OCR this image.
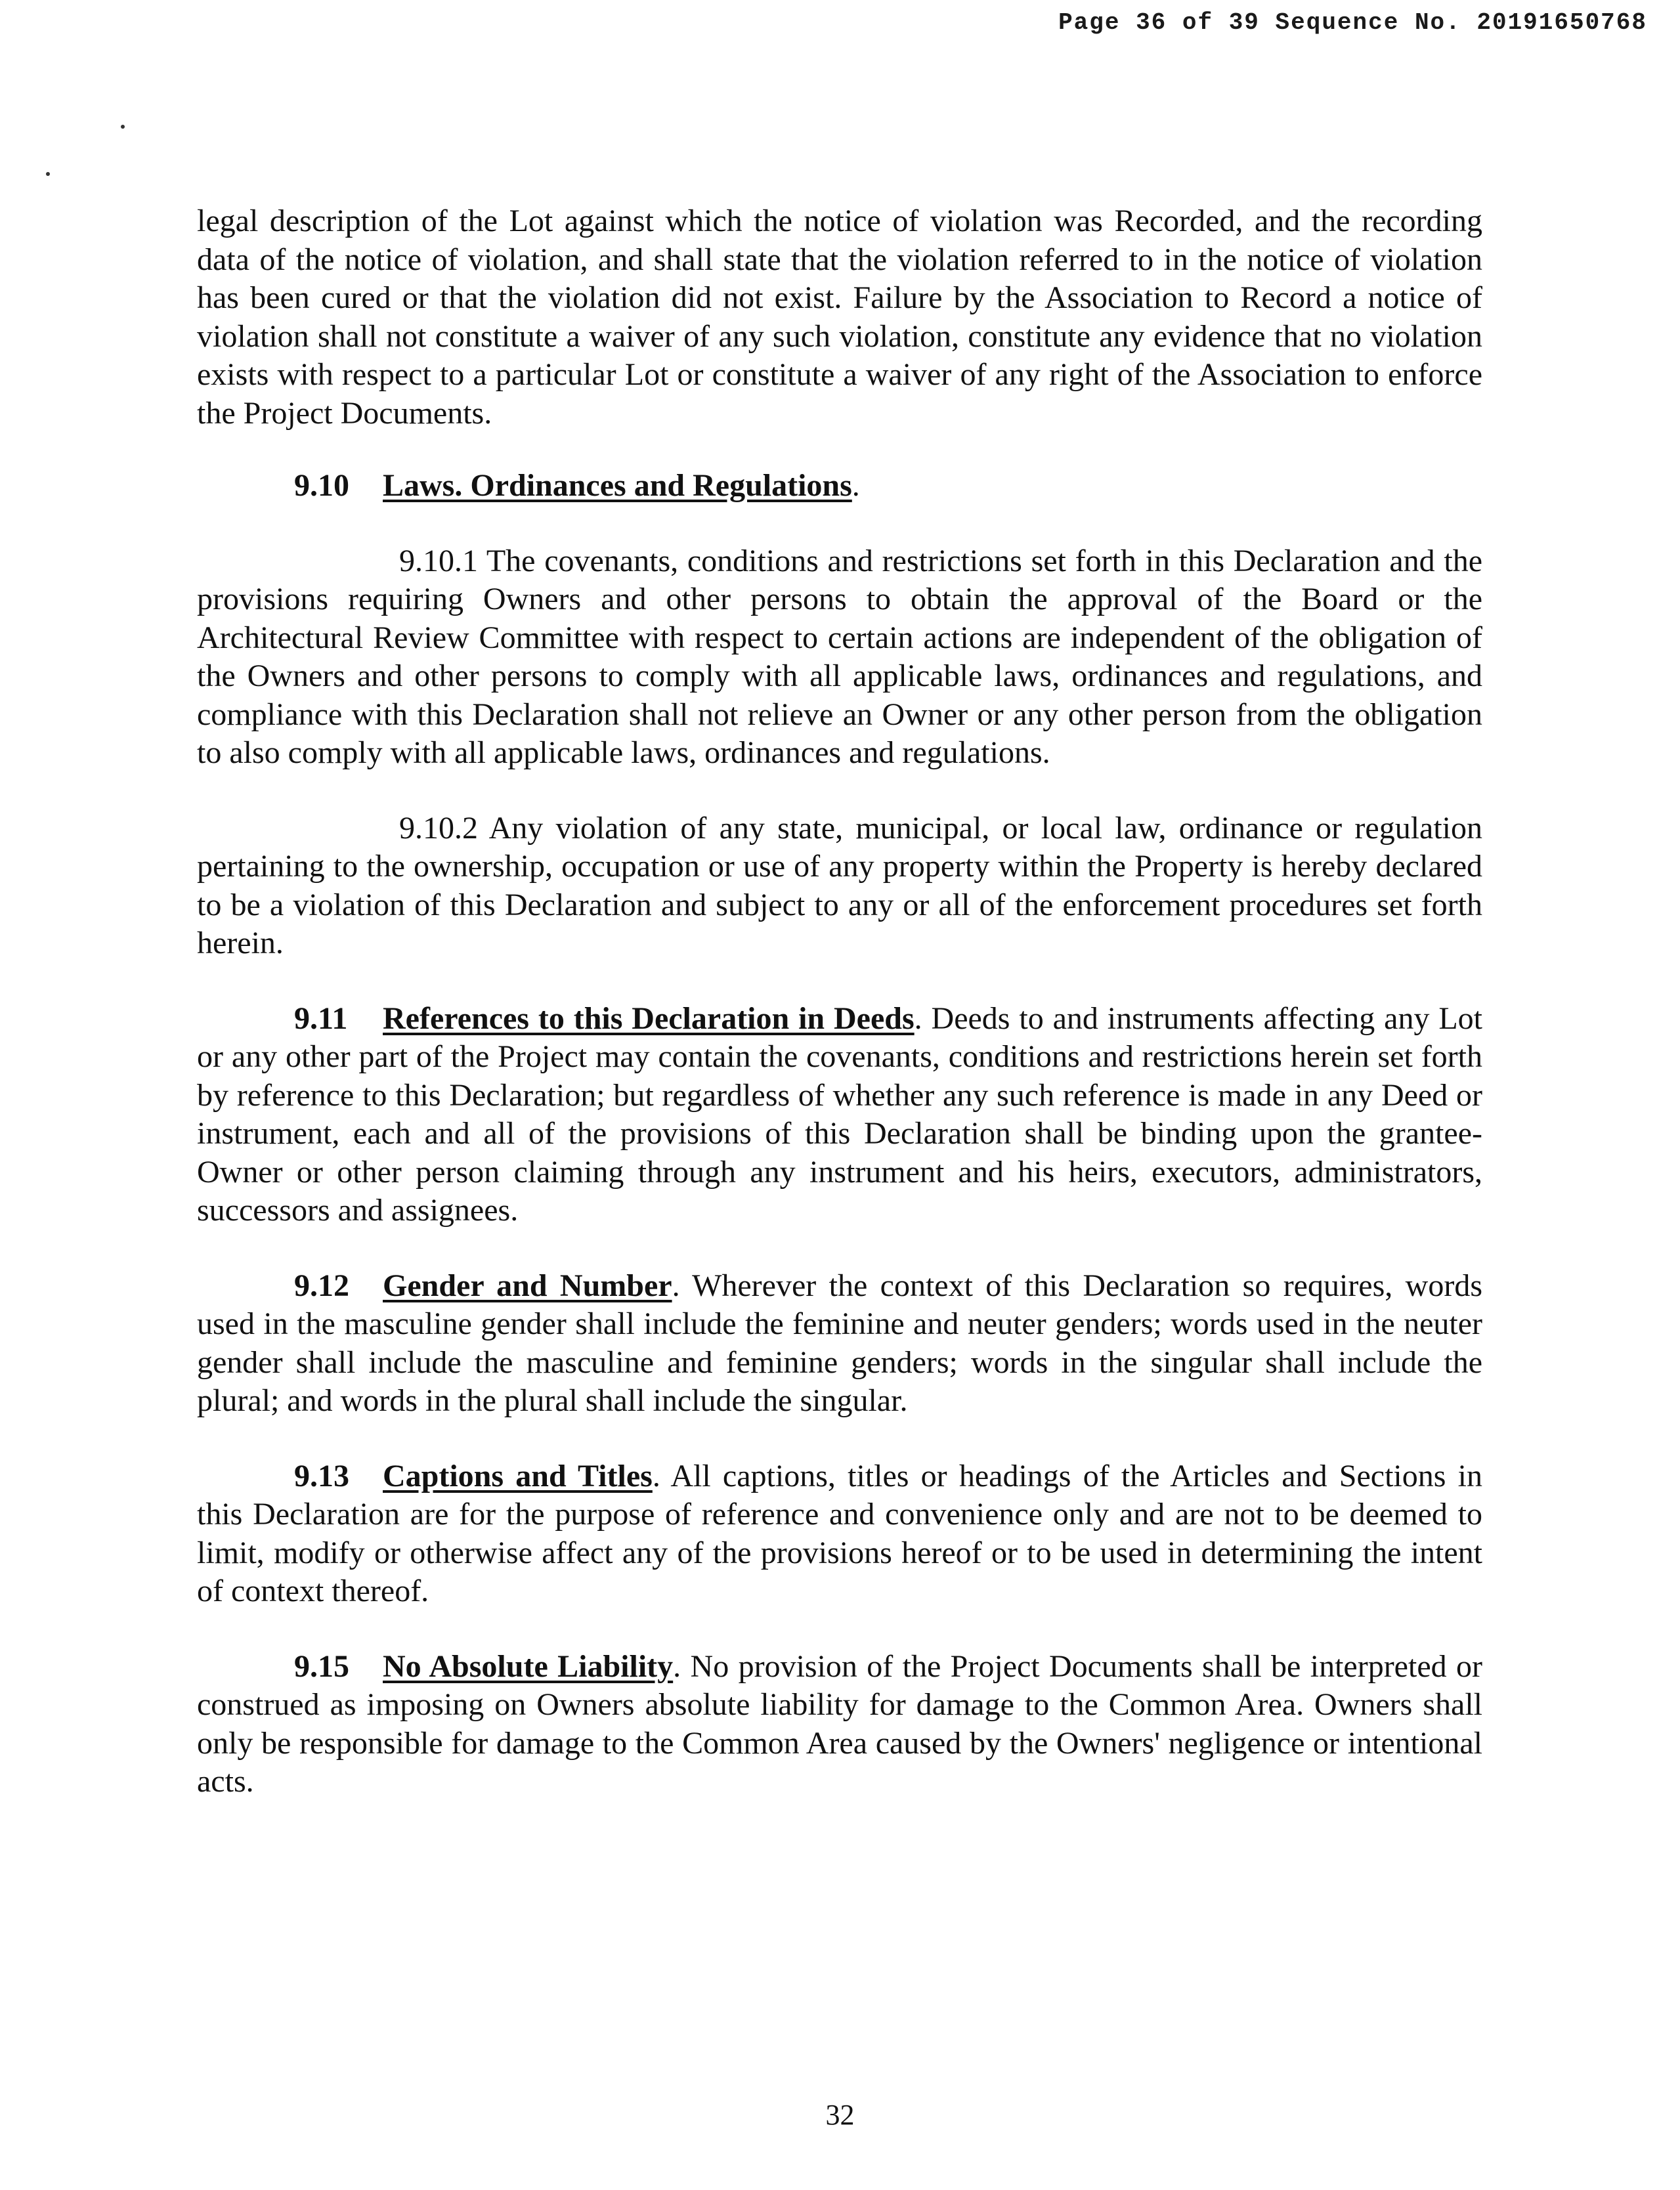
Page 36 of 39 Sequence No. 20191650768

legal description of the Lot against which the notice of violation was Recorded, and the recording data of the notice of violation, and shall state that the violation referred to in the notice of violation has been cured or that the violation did not exist. Failure by the Association to Record a notice of violation shall not constitute a waiver of any such violation, constitute any evidence that no violation exists with respect to a particular Lot or constitute a waiver of any right of the Association to enforce the Project Documents.

9.10 Laws. Ordinances and Regulations.

9.10.1 The covenants, conditions and restrictions set forth in this Declaration and the provisions requiring Owners and other persons to obtain the approval of the Board or the Architectural Review Committee with respect to certain actions are independent of the obligation of the Owners and other persons to comply with all applicable laws, ordinances and regulations, and compliance with this Declaration shall not relieve an Owner or any other person from the obligation to also comply with all applicable laws, ordinances and regulations.

9.10.2 Any violation of any state, municipal, or local law, ordinance or regulation pertaining to the ownership, occupation or use of any property within the Property is hereby declared to be a violation of this Declaration and subject to any or all of the enforcement procedures set forth herein.

9.11 References to this Declaration in Deeds. Deeds to and instruments affecting any Lot or any other part of the Project may contain the covenants, conditions and restrictions herein set forth by reference to this Declaration; but regardless of whether any such reference is made in any Deed or instrument, each and all of the provisions of this Declaration shall be binding upon the grantee-Owner or other person claiming through any instrument and his heirs, executors, administrators, successors and assignees.

9.12 Gender and Number. Wherever the context of this Declaration so requires, words used in the masculine gender shall include the feminine and neuter genders; words used in the neuter gender shall include the masculine and feminine genders; words in the singular shall include the plural; and words in the plural shall include the singular.

9.13 Captions and Titles. All captions, titles or headings of the Articles and Sections in this Declaration are for the purpose of reference and convenience only and are not to be deemed to limit, modify or otherwise affect any of the provisions hereof or to be used in determining the intent of context thereof.

9.15 No Absolute Liability. No provision of the Project Documents shall be interpreted or construed as imposing on Owners absolute liability for damage to the Common Area. Owners shall only be responsible for damage to the Common Area caused by the Owners' negligence or intentional acts.

32
